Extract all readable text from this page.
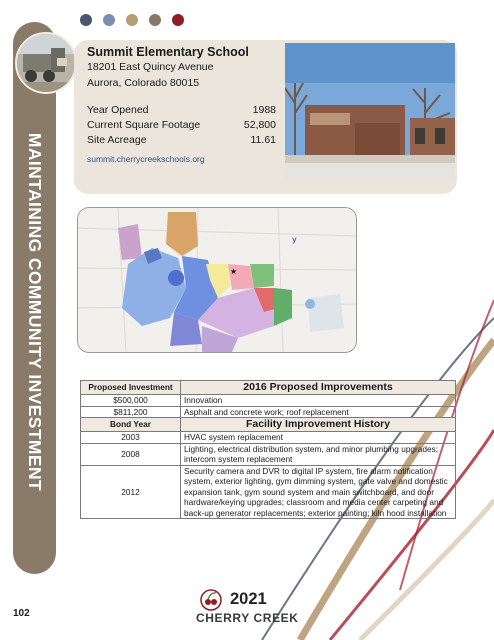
MAINTAINING COMMUNITY INVESTMENT
Summit Elementary School
18201 East Quincy Avenue
Aurora, Colorado 80015
Year Opened	1988
Current Square Footage	52,800
Site Acreage	11.61
summit.cherrycreekschools.org
y
★
Proposed Investment	2016 Proposed Improvements
$500,000	Innovation
$811,200	Asphalt and concrete work; roof replacement
Bond Year	Facility Improvement History
2003	HVAC system replacement
2008	Lighting, electrical distribution system, and minor plumbing upgrades; intercom system replacement
2012	Security camera and DVR to digital IP system, fire alarm notification system, exterior lighting, gym dimming system, gate valve and domestic expansion tank, gym sound system and main switchboard, and door hardware/keying upgrades; classroom and media center carpeting and back-up generator replacements; exterior painting; kiln hood installation
102
2021
CHERRY CREEK
